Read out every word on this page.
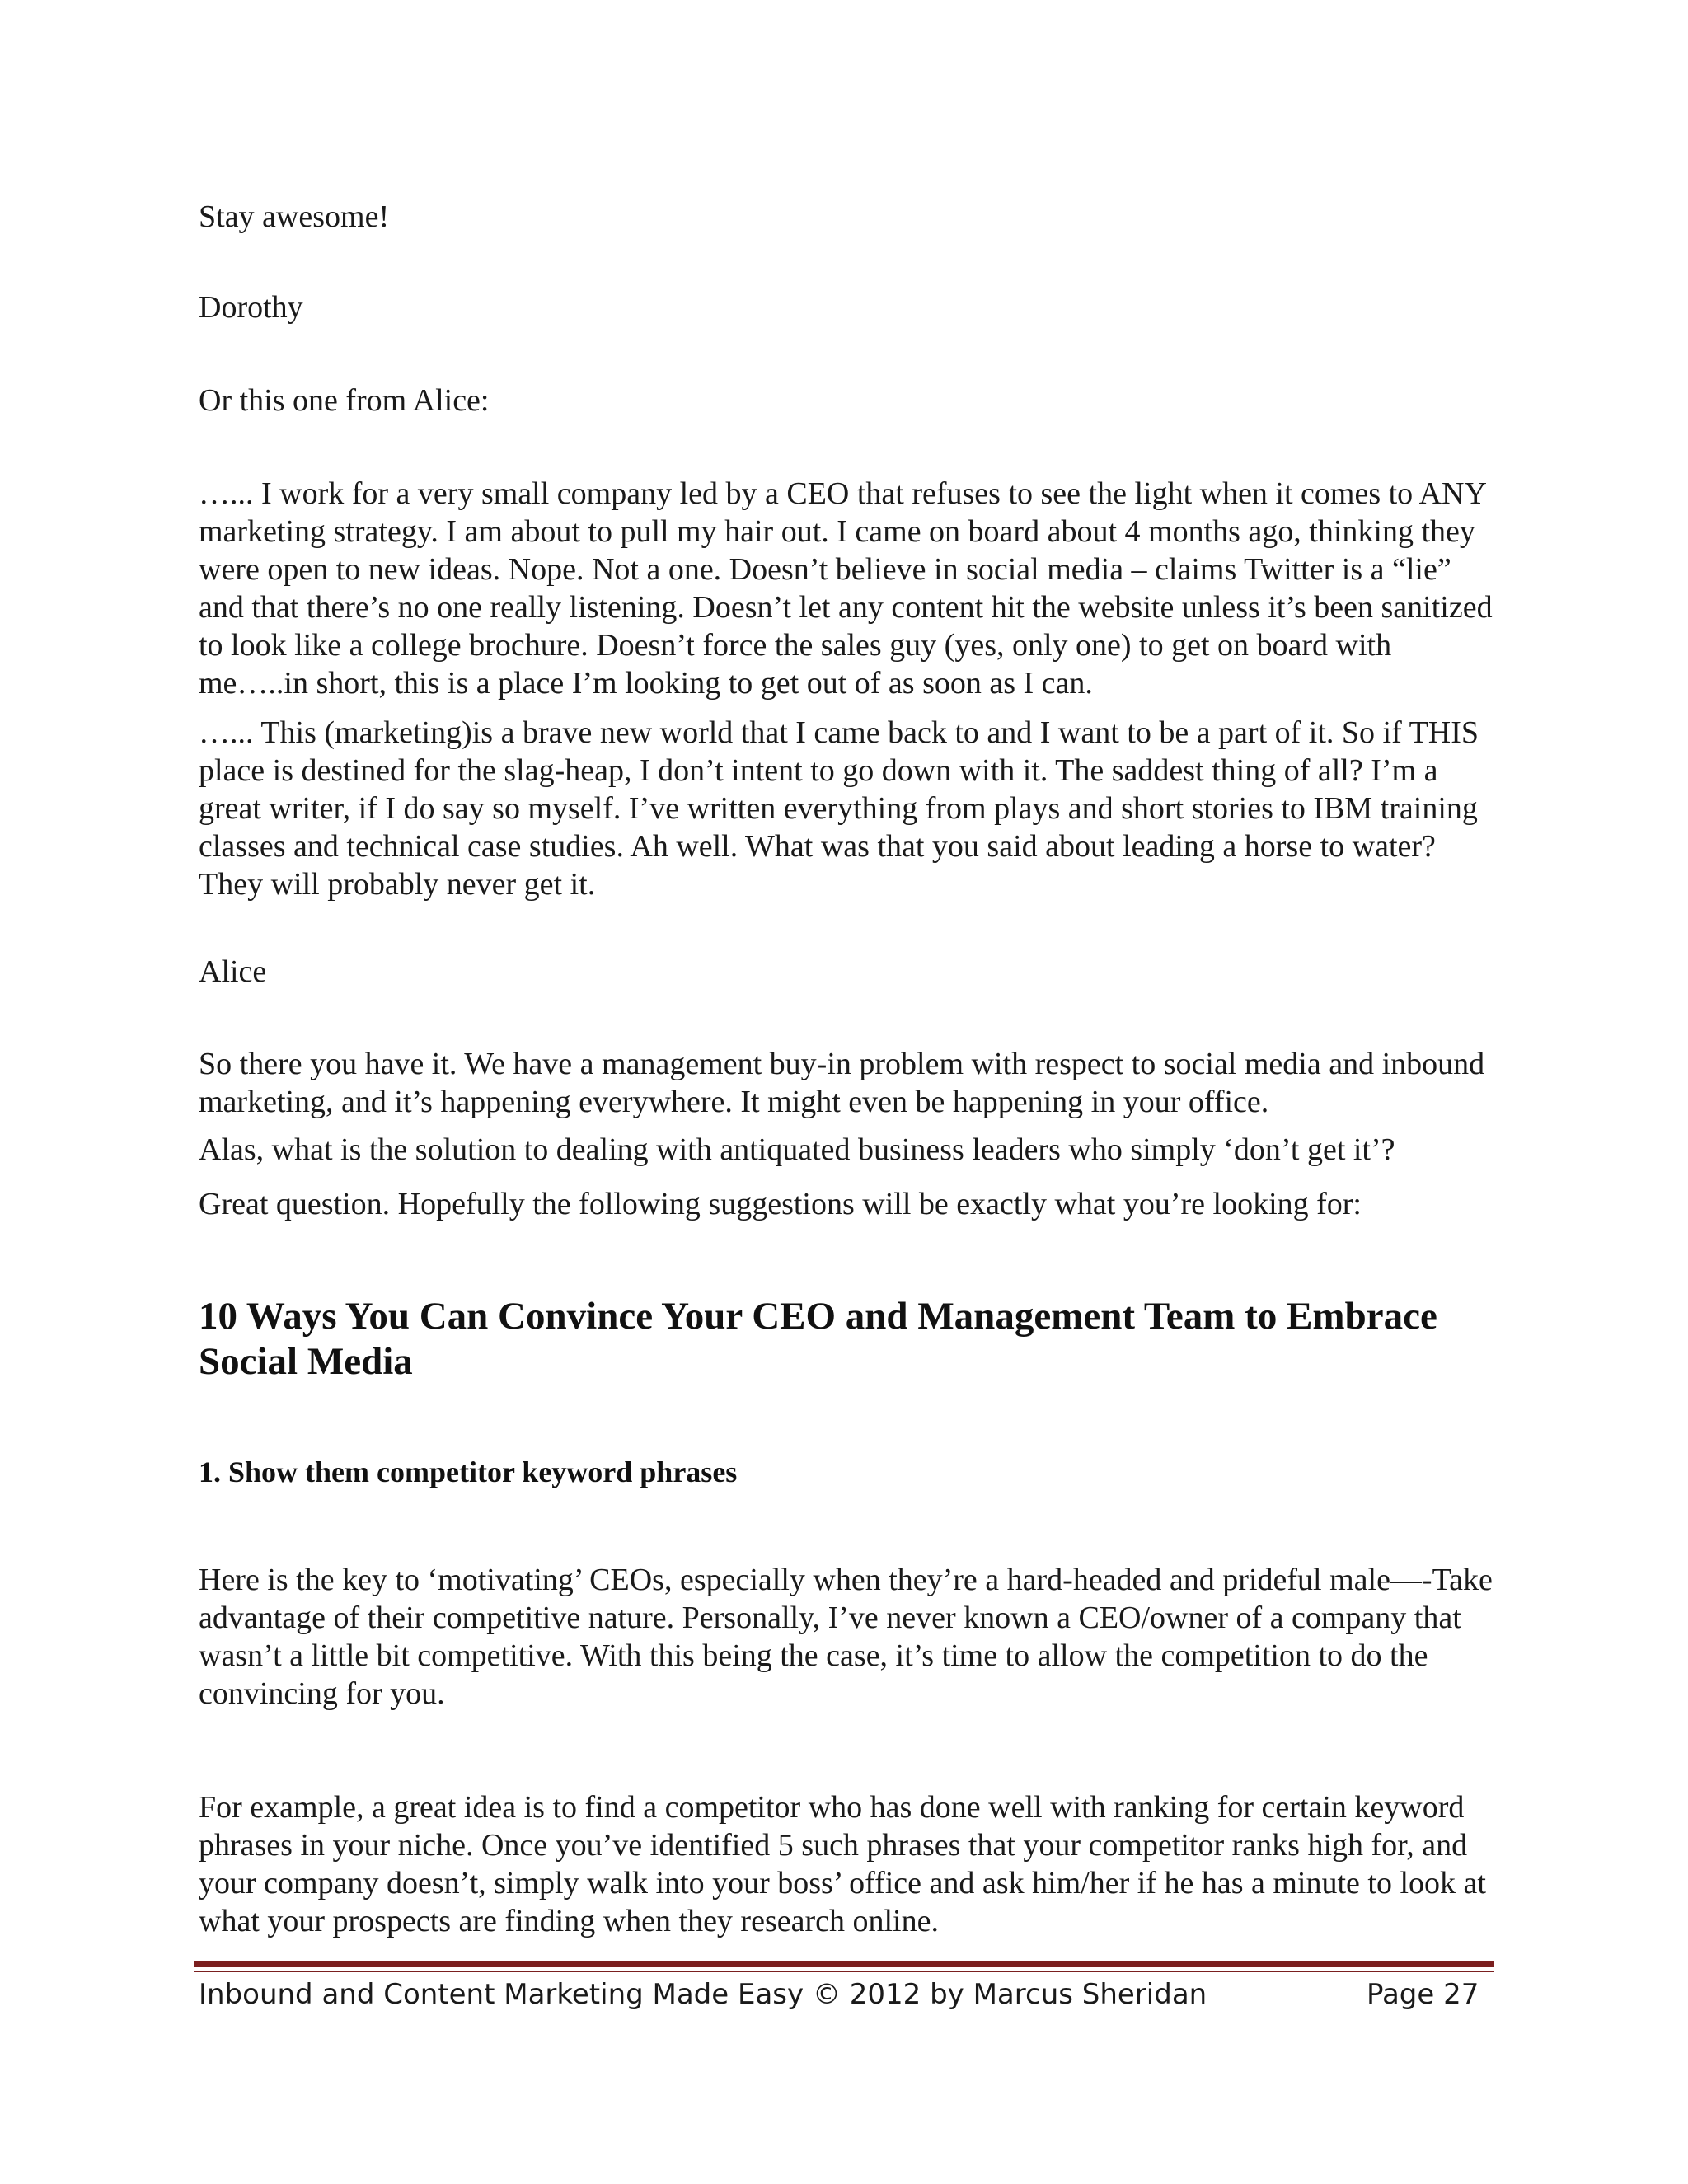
Stay awesome!

Dorothy

Or this one from Alice:

…... I work for a very small company led by a CEO that refuses to see the light when it comes to ANY marketing strategy. I am about to pull my hair out. I came on board about 4 months ago, thinking they were open to new ideas. Nope. Not a one. Doesn’t believe in social media – claims Twitter is a “lie” and that there’s no one really listening. Doesn’t let any content hit the website unless it’s been sanitized to look like a college brochure. Doesn’t force the sales guy (yes, only one) to get on board with me…..in short, this is a place I’m looking to get out of as soon as I can.

…... This (marketing)is a brave new world that I came back to and I want to be a part of it. So if THIS place is destined for the slag-heap, I don’t intent to go down with it. The saddest thing of all? I’m a great writer, if I do say so myself. I’ve written everything from plays and short stories to IBM training classes and technical case studies. Ah well. What was that you said about leading a horse to water? They will probably never get it.

Alice

So there you have it. We have a management buy-in problem with respect to social media and inbound marketing, and it’s happening everywhere. It might even be happening in your office.

Alas, what is the solution to dealing with antiquated business leaders who simply ‘don’t get it’?

Great question. Hopefully the following suggestions will be exactly what you’re looking for:

10 Ways You Can Convince Your CEO and Management Team to Embrace Social Media
1. Show them competitor keyword phrases

Here is the key to ‘motivating’ CEOs, especially when they’re a hard-headed and prideful male—-Take advantage of their competitive nature. Personally, I’ve never known a CEO/owner of a company that wasn’t a little bit competitive. With this being the case, it’s time to allow the competition to do the convincing for you.

For example, a great idea is to find a competitor who has done well with ranking for certain keyword phrases in your niche. Once you’ve identified 5 such phrases that your competitor ranks high for, and your company doesn’t, simply walk into your boss’ office and ask him/her if he has a minute to look at what your prospects are finding when they research online.

Inbound and Content Marketing Made Easy © 2012 by Marcus Sheridan	Page 27
